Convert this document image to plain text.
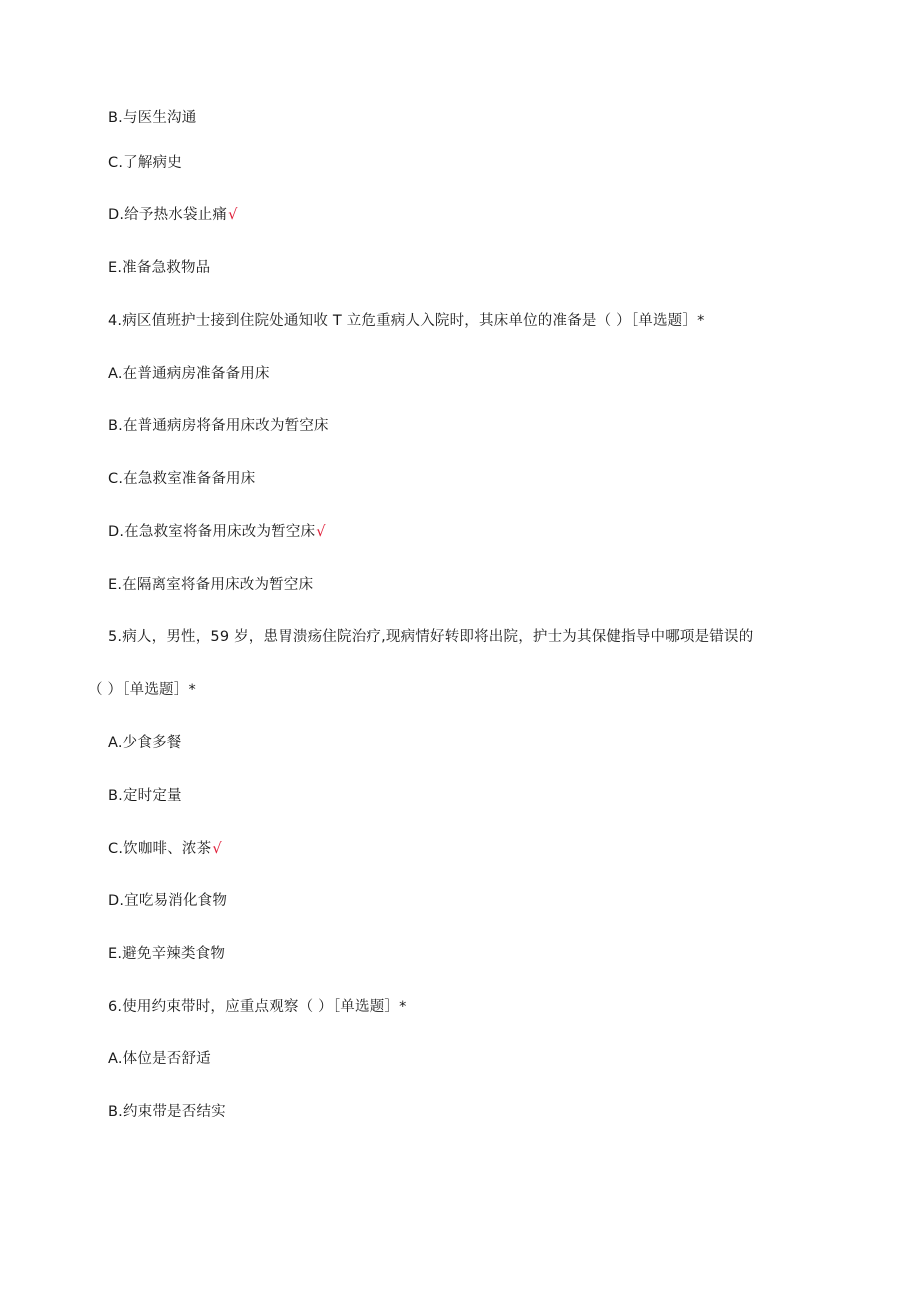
B.与医生沟通
C.了解病史
D.给予热水袋止痛√
E.准备急救物品
4.病区值班护士接到住院处通知收 T 立危重病人入院时，其床单位的准备是（ ）［单选题］*
A.在普通病房准备备用床
B.在普通病房将备用床改为暂空床
C.在急救室准备备用床
D.在急救室将备用床改为暂空床√
E.在隔离室将备用床改为暂空床
5.病人，男性，59 岁，患胃溃疡住院治疗,现病情好转即将出院，护士为其保健指导中哪项是错误的
（ ）［单选题］*
A.少食多餐
B.定时定量
C.饮咖啡、浓茶√
D.宜吃易消化食物
E.避免辛辣类食物
6.使用约束带时，应重点观察（ ）［单选题］*
A.体位是否舒适
B.约束带是否结实
